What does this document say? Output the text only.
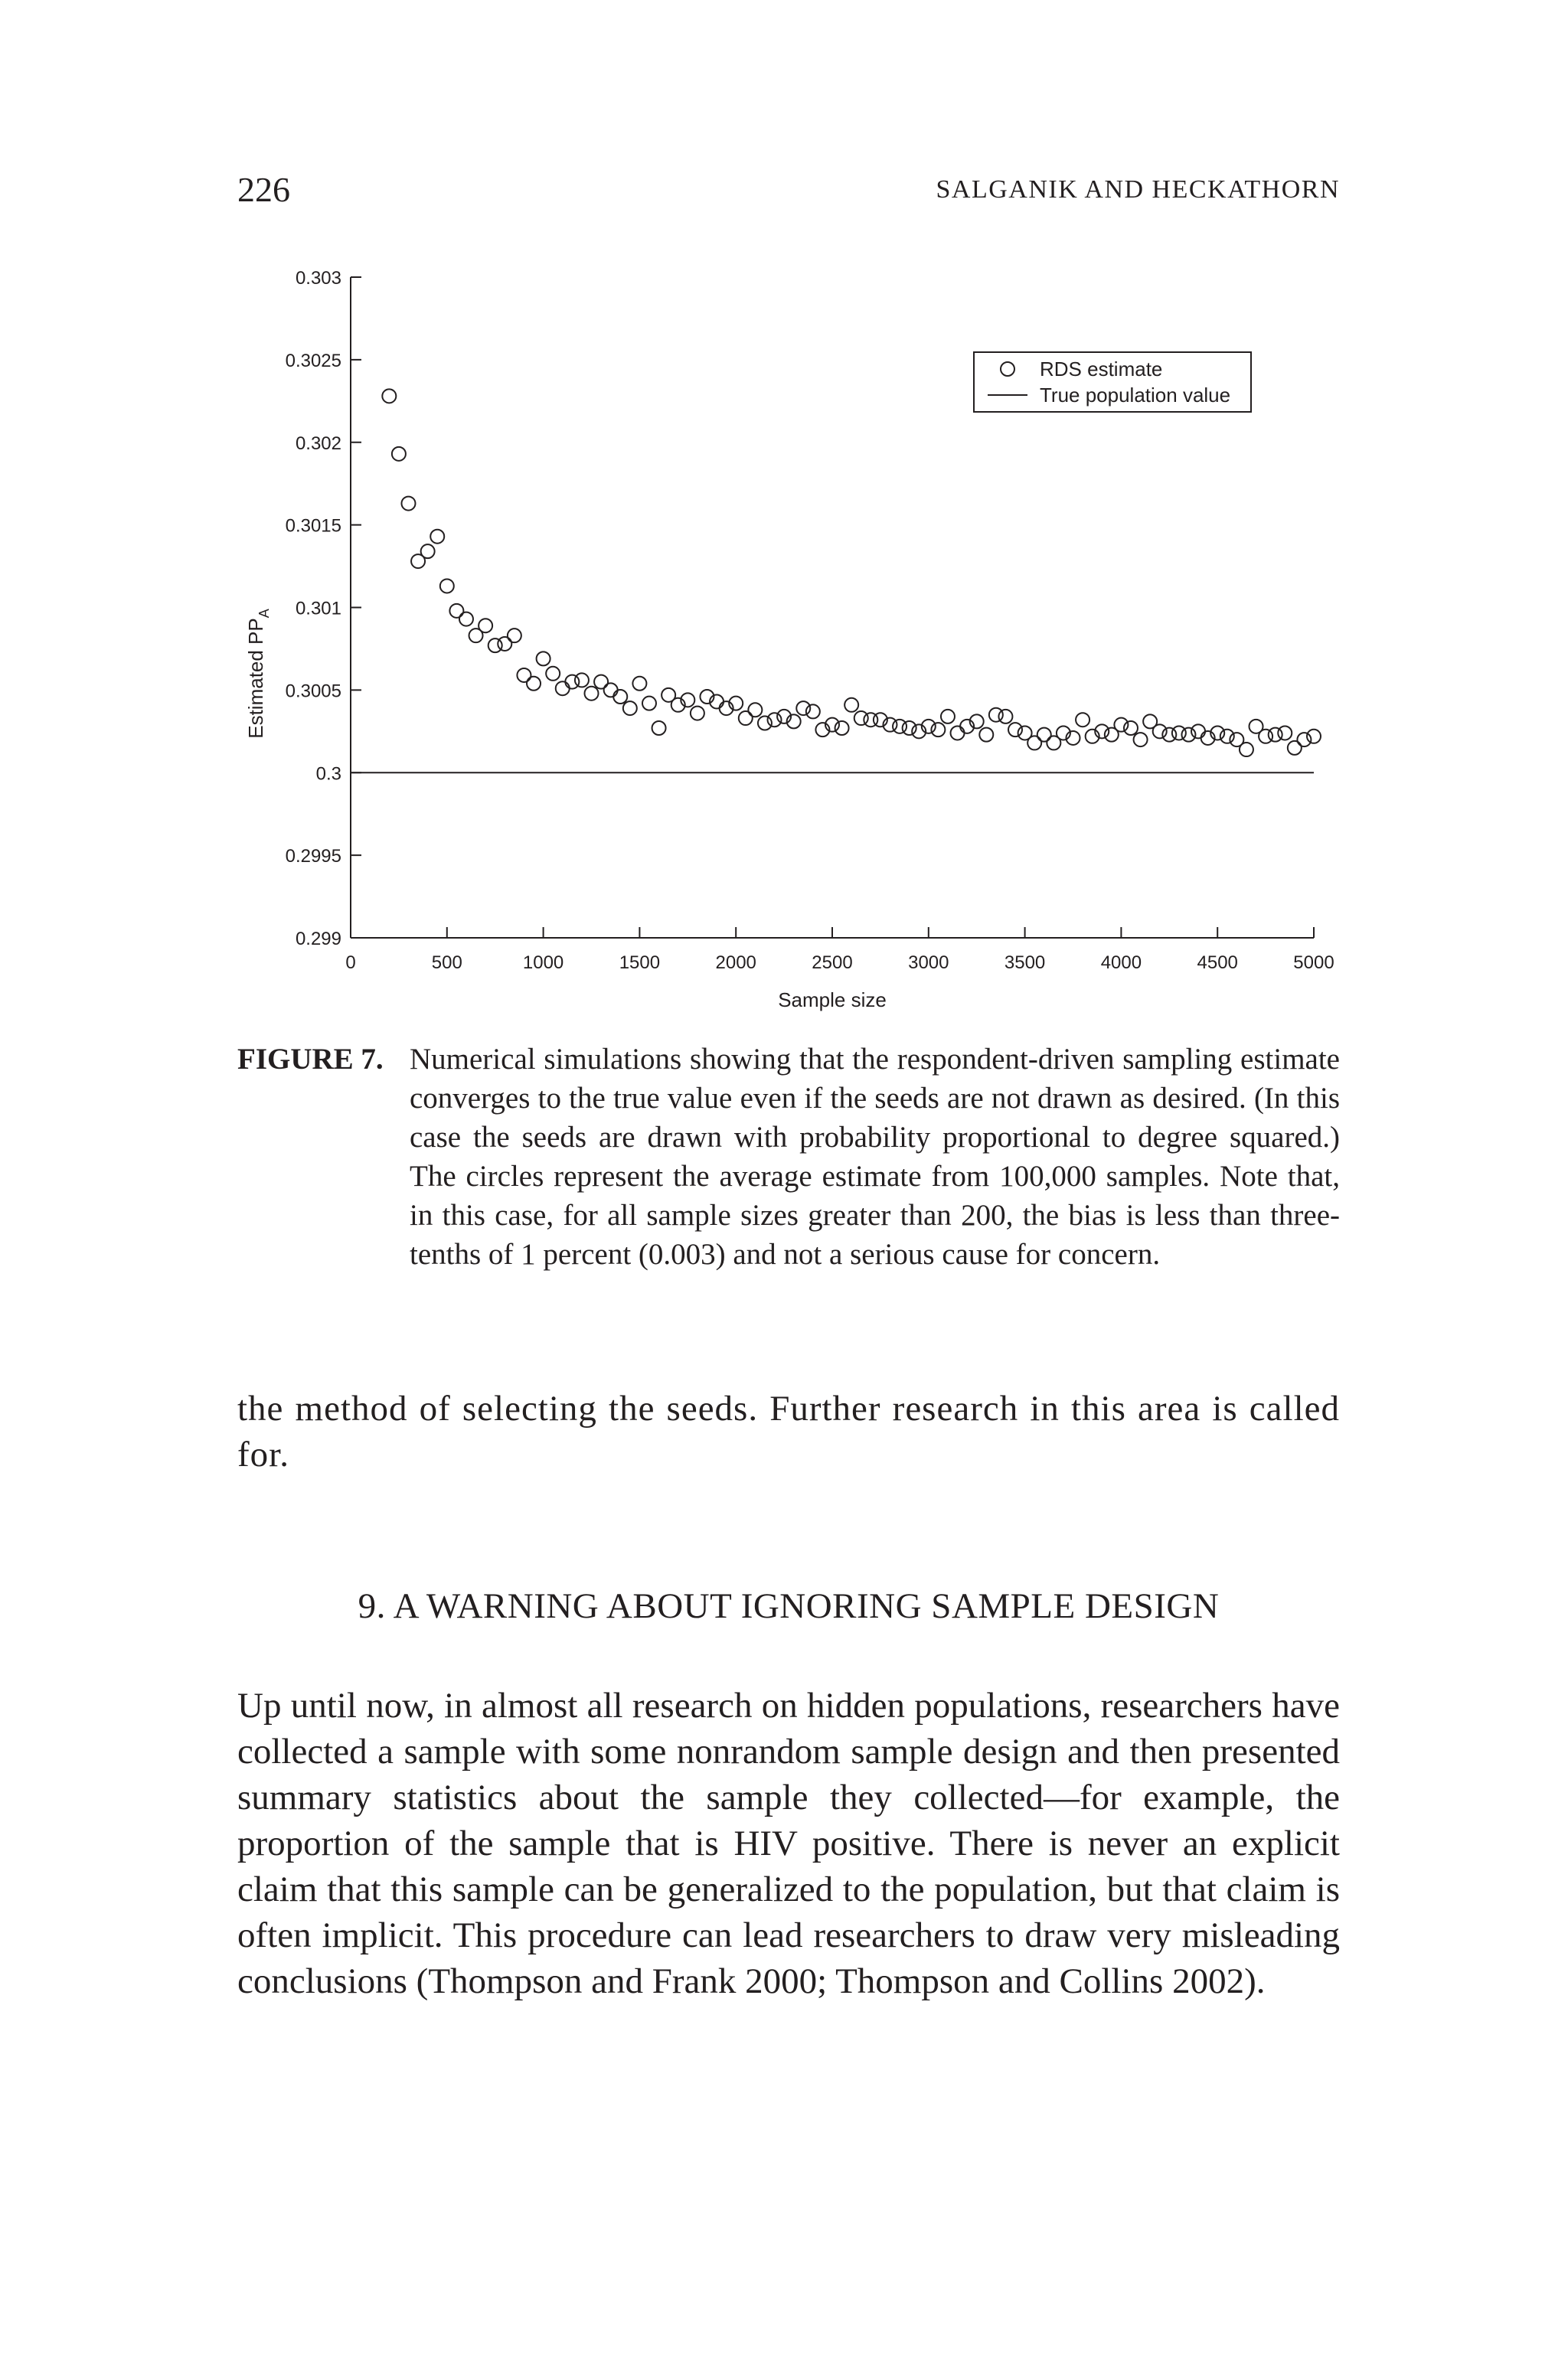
226	SALGANIK AND HECKATHORN
0.299
0.2995
0.3
0.3005
0.301
0.3015
0.302
0.3025
0.303
0	500	1000	1500	2000	2500	3000	3500	4000	4500	5000
Sample size
Estimated $PP_A$
RDS estimate
True population value
FIGURE 7. Numerical simulations showing that the respondent-driven sampling estimate converges to the true value even if the seeds are not drawn as desired. (In this case the seeds are drawn with probability proportional to degree squared.) The circles represent the average estimate from 100,000 samples. Note that, in this case, for all sample sizes greater than 200, the bias is less than three-tenths of 1 percent (0.003) and not a serious cause for concern.

the method of selecting the seeds. Further research in this area is called for.

9. A WARNING ABOUT IGNORING SAMPLE DESIGN

Up until now, in almost all research on hidden populations, researchers have collected a sample with some nonrandom sample design and then presented summary statistics about the sample they collected—for example, the proportion of the sample that is HIV positive. There is never an explicit claim that this sample can be generalized to the population, but that claim is often implicit. This procedure can lead researchers to draw very misleading conclusions (Thompson and Frank 2000; Thompson and Collins 2002).
